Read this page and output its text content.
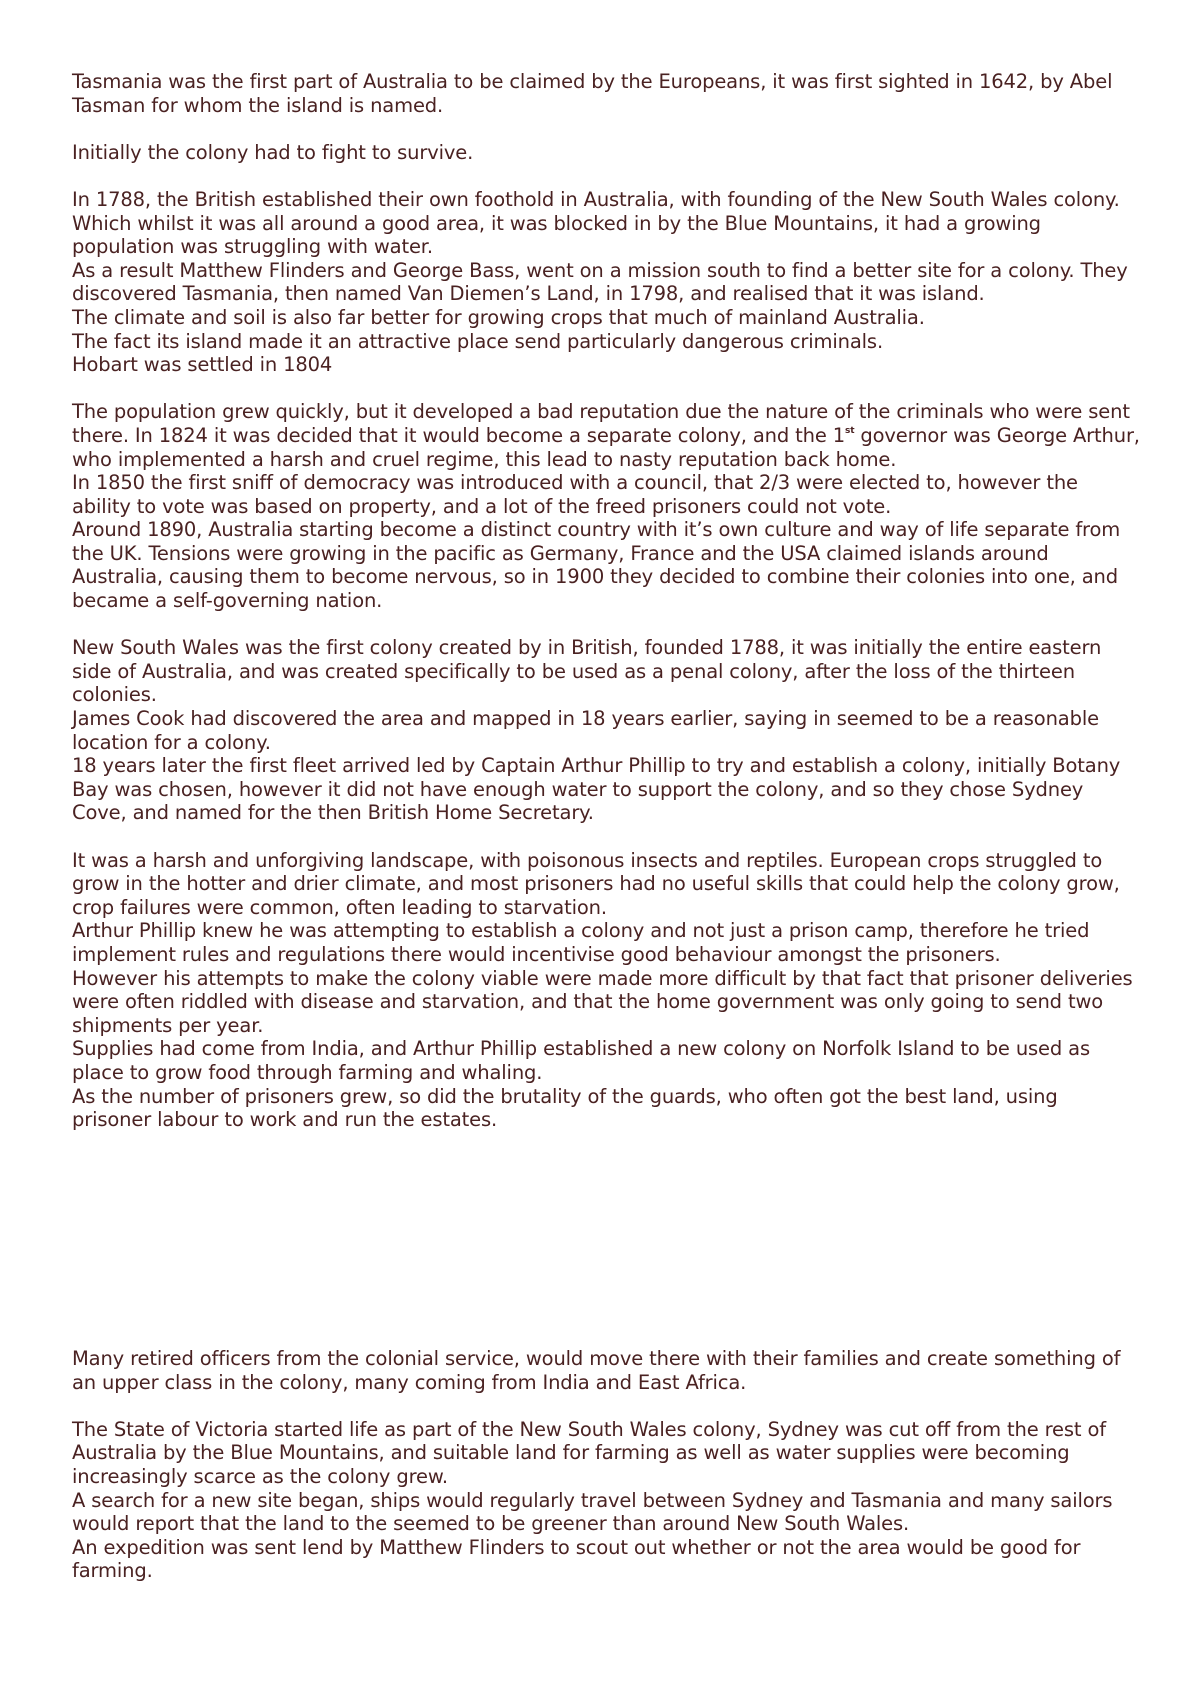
Tasmania was the first part of Australia to be claimed by the Europeans, it was first sighted in 1642, by Abel Tasman for whom the island is named.

Initially the colony had to fight to survive.

In 1788, the British established their own foothold in Australia, with founding of the New South Wales colony. Which whilst it was all around a good area, it was blocked in by the Blue Mountains, it had a growing population was struggling with water.

As a result Matthew Flinders and George Bass, went on a mission south to find a better site for a colony. They discovered Tasmania, then named Van Diemen’s Land, in 1798, and realised that it was island.

The climate and soil is also far better for growing crops that much of mainland Australia.

The fact its island made it an attractive place send particularly dangerous criminals.

Hobart was settled in 1804

The population grew quickly, but it developed a bad reputation due the nature of the criminals who were sent there. In 1824 it was decided that it would become a separate colony, and the 1st governor was George Arthur, who implemented a harsh and cruel regime, this lead to nasty reputation back home.

In 1850 the first sniff of democracy was introduced with a council, that 2/3 were elected to, however the ability to vote was based on property, and a lot of the freed prisoners could not vote.

Around 1890, Australia starting become a distinct country with it’s own culture and way of life separate from the UK. Tensions were growing in the pacific as Germany, France and the USA claimed islands around Australia, causing them to become nervous, so in 1900 they decided to combine their colonies into one, and became a self-governing nation.

New South Wales was the first colony created by in British, founded 1788, it was initially the entire eastern side of Australia, and was created specifically to be used as a penal colony, after the loss of the thirteen colonies.

James Cook had discovered the area and mapped in 18 years earlier, saying in seemed to be a reasonable location for a colony.

18 years later the first fleet arrived led by Captain Arthur Phillip to try and establish a colony, initially Botany Bay was chosen, however it did not have enough water to support the colony, and so they chose Sydney Cove, and named for the then British Home Secretary.

It was a harsh and unforgiving landscape, with poisonous insects and reptiles. European crops struggled to grow in the hotter and drier climate, and most prisoners had no useful skills that could help the colony grow, crop failures were common, often leading to starvation.

Arthur Phillip knew he was attempting to establish a colony and not just a prison camp, therefore he tried implement rules and regulations there would incentivise good behaviour amongst the prisoners.

However his attempts to make the colony viable were made more difficult by that fact that prisoner deliveries were often riddled with disease and starvation, and that the home government was only going to send two shipments per year.

Supplies had come from India, and Arthur Phillip established a new colony on Norfolk Island to be used as place to grow food through farming and whaling.

As the number of prisoners grew, so did the brutality of the guards, who often got the best land, using prisoner labour to work and run the estates.

Many retired officers from the colonial service, would move there with their families and create something of an upper class in the colony, many coming from India and East Africa.

The State of Victoria started life as part of the New South Wales colony, Sydney was cut off from the rest of Australia by the Blue Mountains, and suitable land for farming as well as water supplies were becoming increasingly scarce as the colony grew.

A search for a new site began, ships would regularly travel between Sydney and Tasmania and many sailors would report that the land to the seemed to be greener than around New South Wales.

An expedition was sent lend by Matthew Flinders to scout out whether or not the area would be good for farming.
